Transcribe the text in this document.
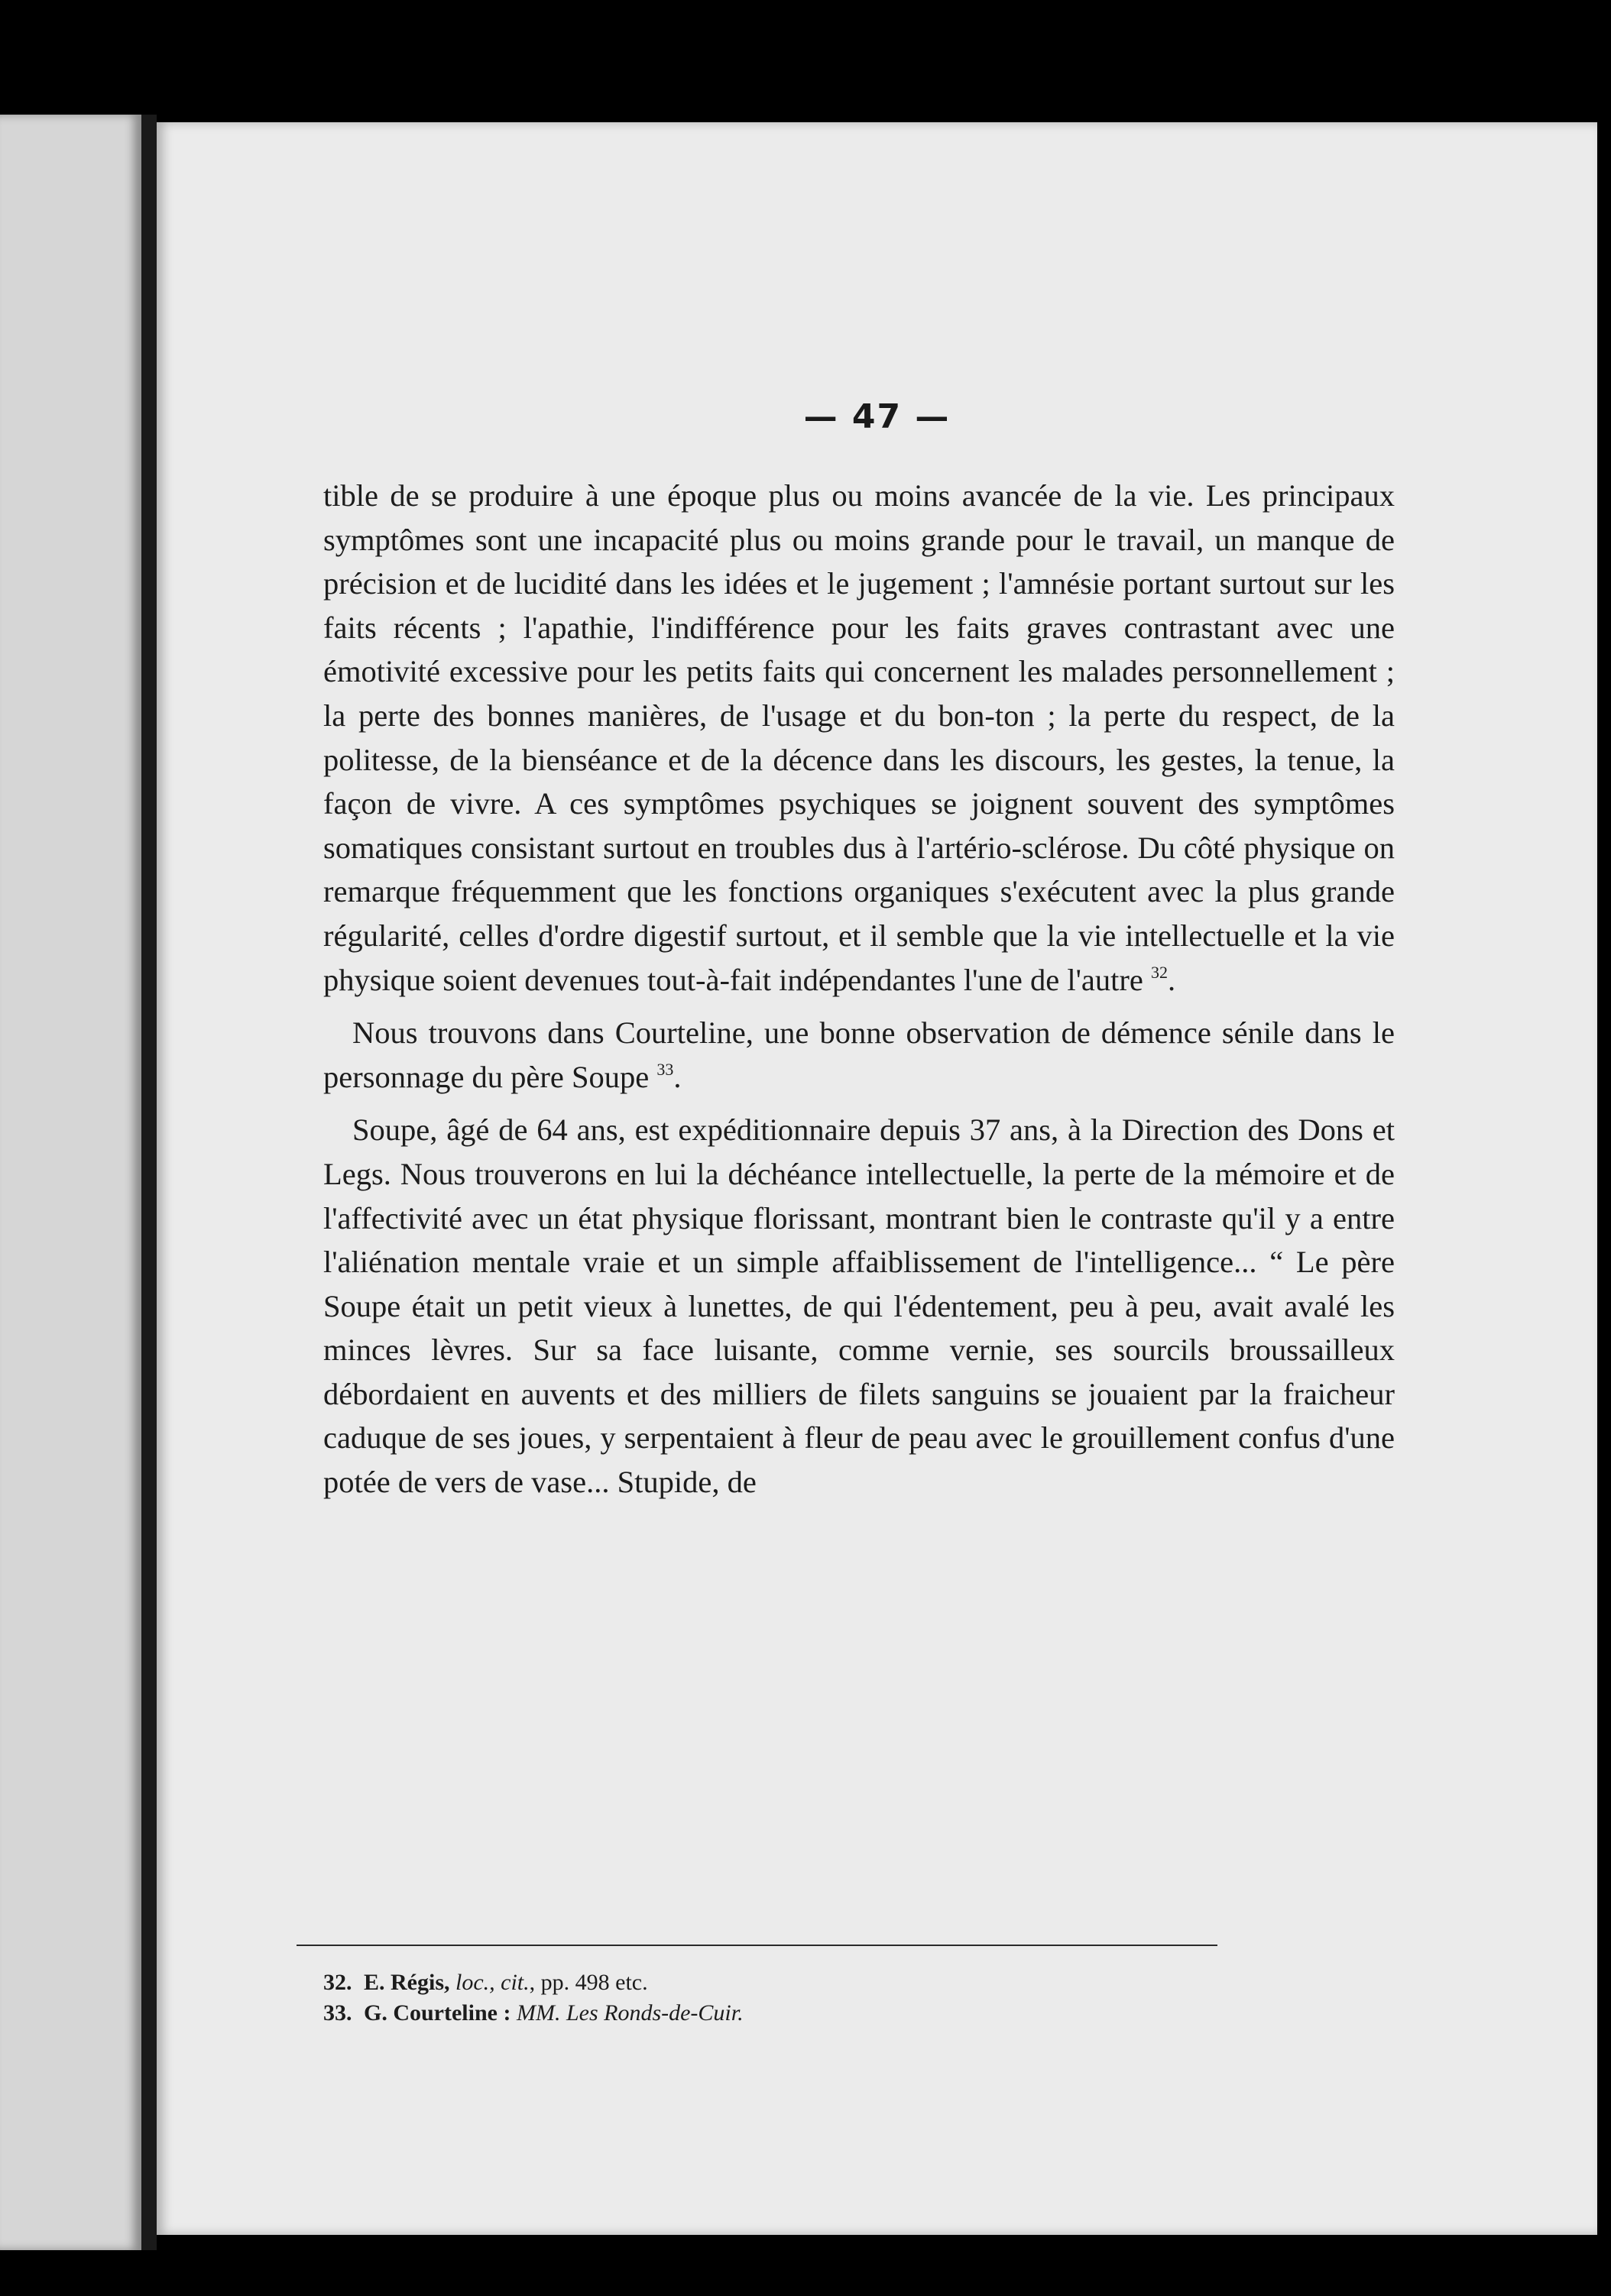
— 47 —

tible de se produire à une époque plus ou moins avancée de la vie. Les principaux symptômes sont une incapacité plus ou moins grande pour le travail, un manque de précision et de lucidité dans les idées et le jugement ; l'amnésie portant surtout sur les faits récents ; l'apathie, l'indifférence pour les faits graves contrastant avec une émotivité excessive pour les petits faits qui concernent les malades personnellement ; la perte des bonnes manières, de l'usage et du bon-ton ; la perte du respect, de la politesse, de la bienséance et de la décence dans les discours, les gestes, la tenue, la façon de vivre. A ces symptômes psychiques se joignent souvent des symptômes somatiques consistant surtout en troubles dus à l'artério-sclérose. Du côté physique on remarque fréquemment que les fonctions organiques s'exécutent avec la plus grande régularité, celles d'ordre digestif surtout, et il semble que la vie intellectuelle et la vie physique soient devenues tout-à-fait indépendantes l'une de l'autre $^{32}$.

Nous trouvons dans Courteline, une bonne observation de démence sénile dans le personnage du père Soupe $^{33}$.

Soupe, âgé de 64 ans, est expéditionnaire depuis 37 ans, à la Direction des Dons et Legs. Nous trouverons en lui la déchéance intellectuelle, la perte de la mémoire et de l'affectivité avec un état physique florissant, montrant bien le contraste qu'il y a entre l'aliénation mentale vraie et un simple affaiblissement de l'intelligence... “ Le père Soupe était un petit vieux à lunettes, de qui l'édentement, peu à peu, avait avalé les minces lèvres. Sur sa face luisante, comme vernie, ses sourcils broussailleux débordaient en auvents et des milliers de filets sanguins se jouaient par la fraicheur caduque de ses joues, y serpentaient à fleur de peau avec le grouillement confus d'une potée de vers de vase... Stupide, de

32. E. Régis, loc., cit., pp. 498 etc.

33. G. Courteline : MM. Les Ronds-de-Cuir.
